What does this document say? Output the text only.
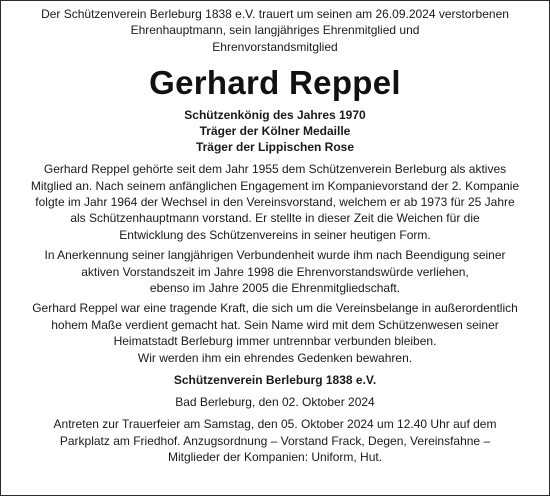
Der Schützenverein Berleburg 1838 e.V. trauert um seinen am 26.09.2024 verstorbenen
Ehrenhauptmann, sein langjähriges Ehrenmitglied und
Ehrenvorstandsmitglied

Gerhard Reppel

Schützenkönig des Jahres 1970

Träger der Kölner Medaille

Träger der Lippischen Rose

Gerhard Reppel gehörte seit dem Jahr 1955 dem Schützenverein Berleburg als aktives
Mitglied an. Nach seinem anfänglichen Engagement im Kompanievorstand der 2. Kompanie
folgte im Jahr 1964 der Wechsel in den Vereinsvorstand, welchem er ab 1973 für 25 Jahre
als Schützenhauptmann vorstand. Er stellte in dieser Zeit die Weichen für die
Entwicklung des Schützenvereins in seiner heutigen Form.

In Anerkennung seiner langjährigen Verbundenheit wurde ihm nach Beendigung seiner
aktiven Vorstandszeit im Jahre 1998 die Ehrenvorstandswürde verliehen,
ebenso im Jahre 2005 die Ehrenmitgliedschaft.

Gerhard Reppel war eine tragende Kraft, die sich um die Vereinsbelange in außerordentlich
hohem Maße verdient gemacht hat. Sein Name wird mit dem Schützenwesen seiner
Heimatstadt Berleburg immer untrennbar verbunden bleiben.
Wir werden ihm ein ehrendes Gedenken bewahren.

Schützenverein Berleburg 1838 e.V.

Bad Berleburg, den 02. Oktober 2024

Antreten zur Trauerfeier am Samstag, den 05. Oktober 2024 um 12.40 Uhr auf dem
Parkplatz am Friedhof. Anzugsordnung – Vorstand Frack, Degen, Vereinsfahne –
Mitglieder der Kompanien: Uniform, Hut.
